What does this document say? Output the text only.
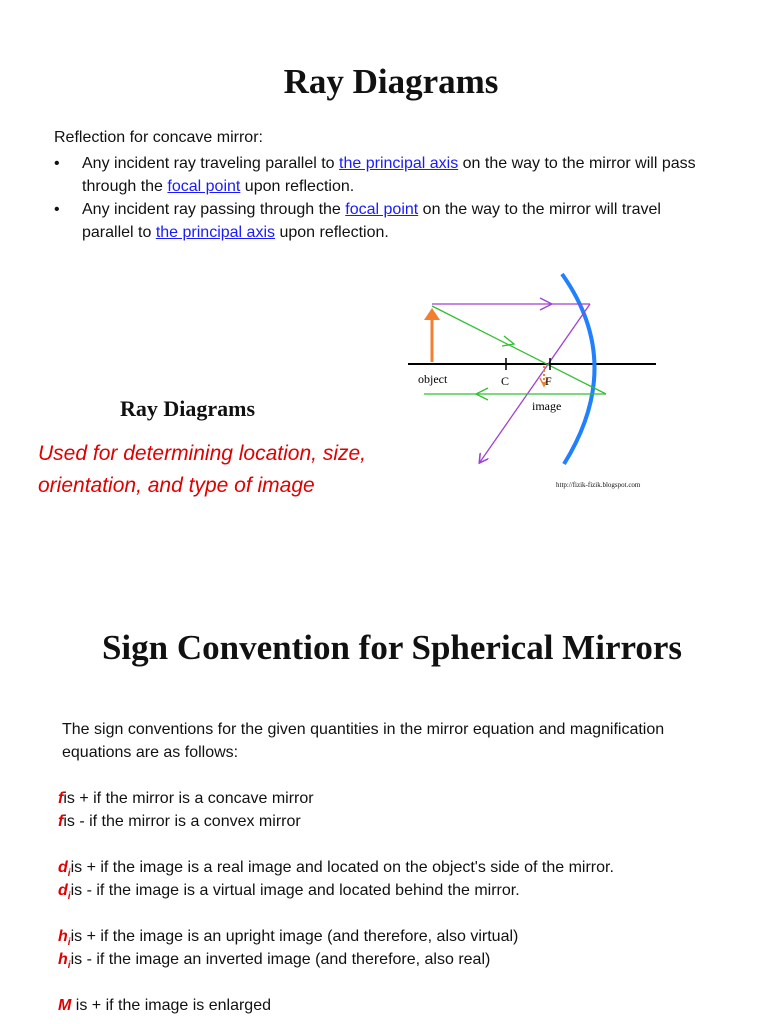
Ray Diagrams
Reflection for concave mirror:
• Any incident ray traveling parallel to the principal axis on the way to the mirror will pass through the focal point upon reflection.
• Any incident ray passing through the focal point on the way to the mirror will travel parallel to the principal axis upon reflection.
Ray Diagrams
Used for determining location, size, orientation, and type of image
object	C	F
image
http://fizik-fizik.blogspot.com
Sign Convention for Spherical Mirrors
The sign conventions for the given quantities in the mirror equation and magnification equations are as follows:
fis + if the mirror is a concave mirror
fis - if the mirror is a convex mirror
$d_iis$ + if the image is a real image and located on the object's side of the mirror.
$d_iis$ - if the image is a virtual image and located behind the mirror.
$h_iis$ + if the image is an upright image (and therefore, also virtual)
$h_iis$ - if the image an inverted image (and therefore, also real)
M is + if the image is enlarged
